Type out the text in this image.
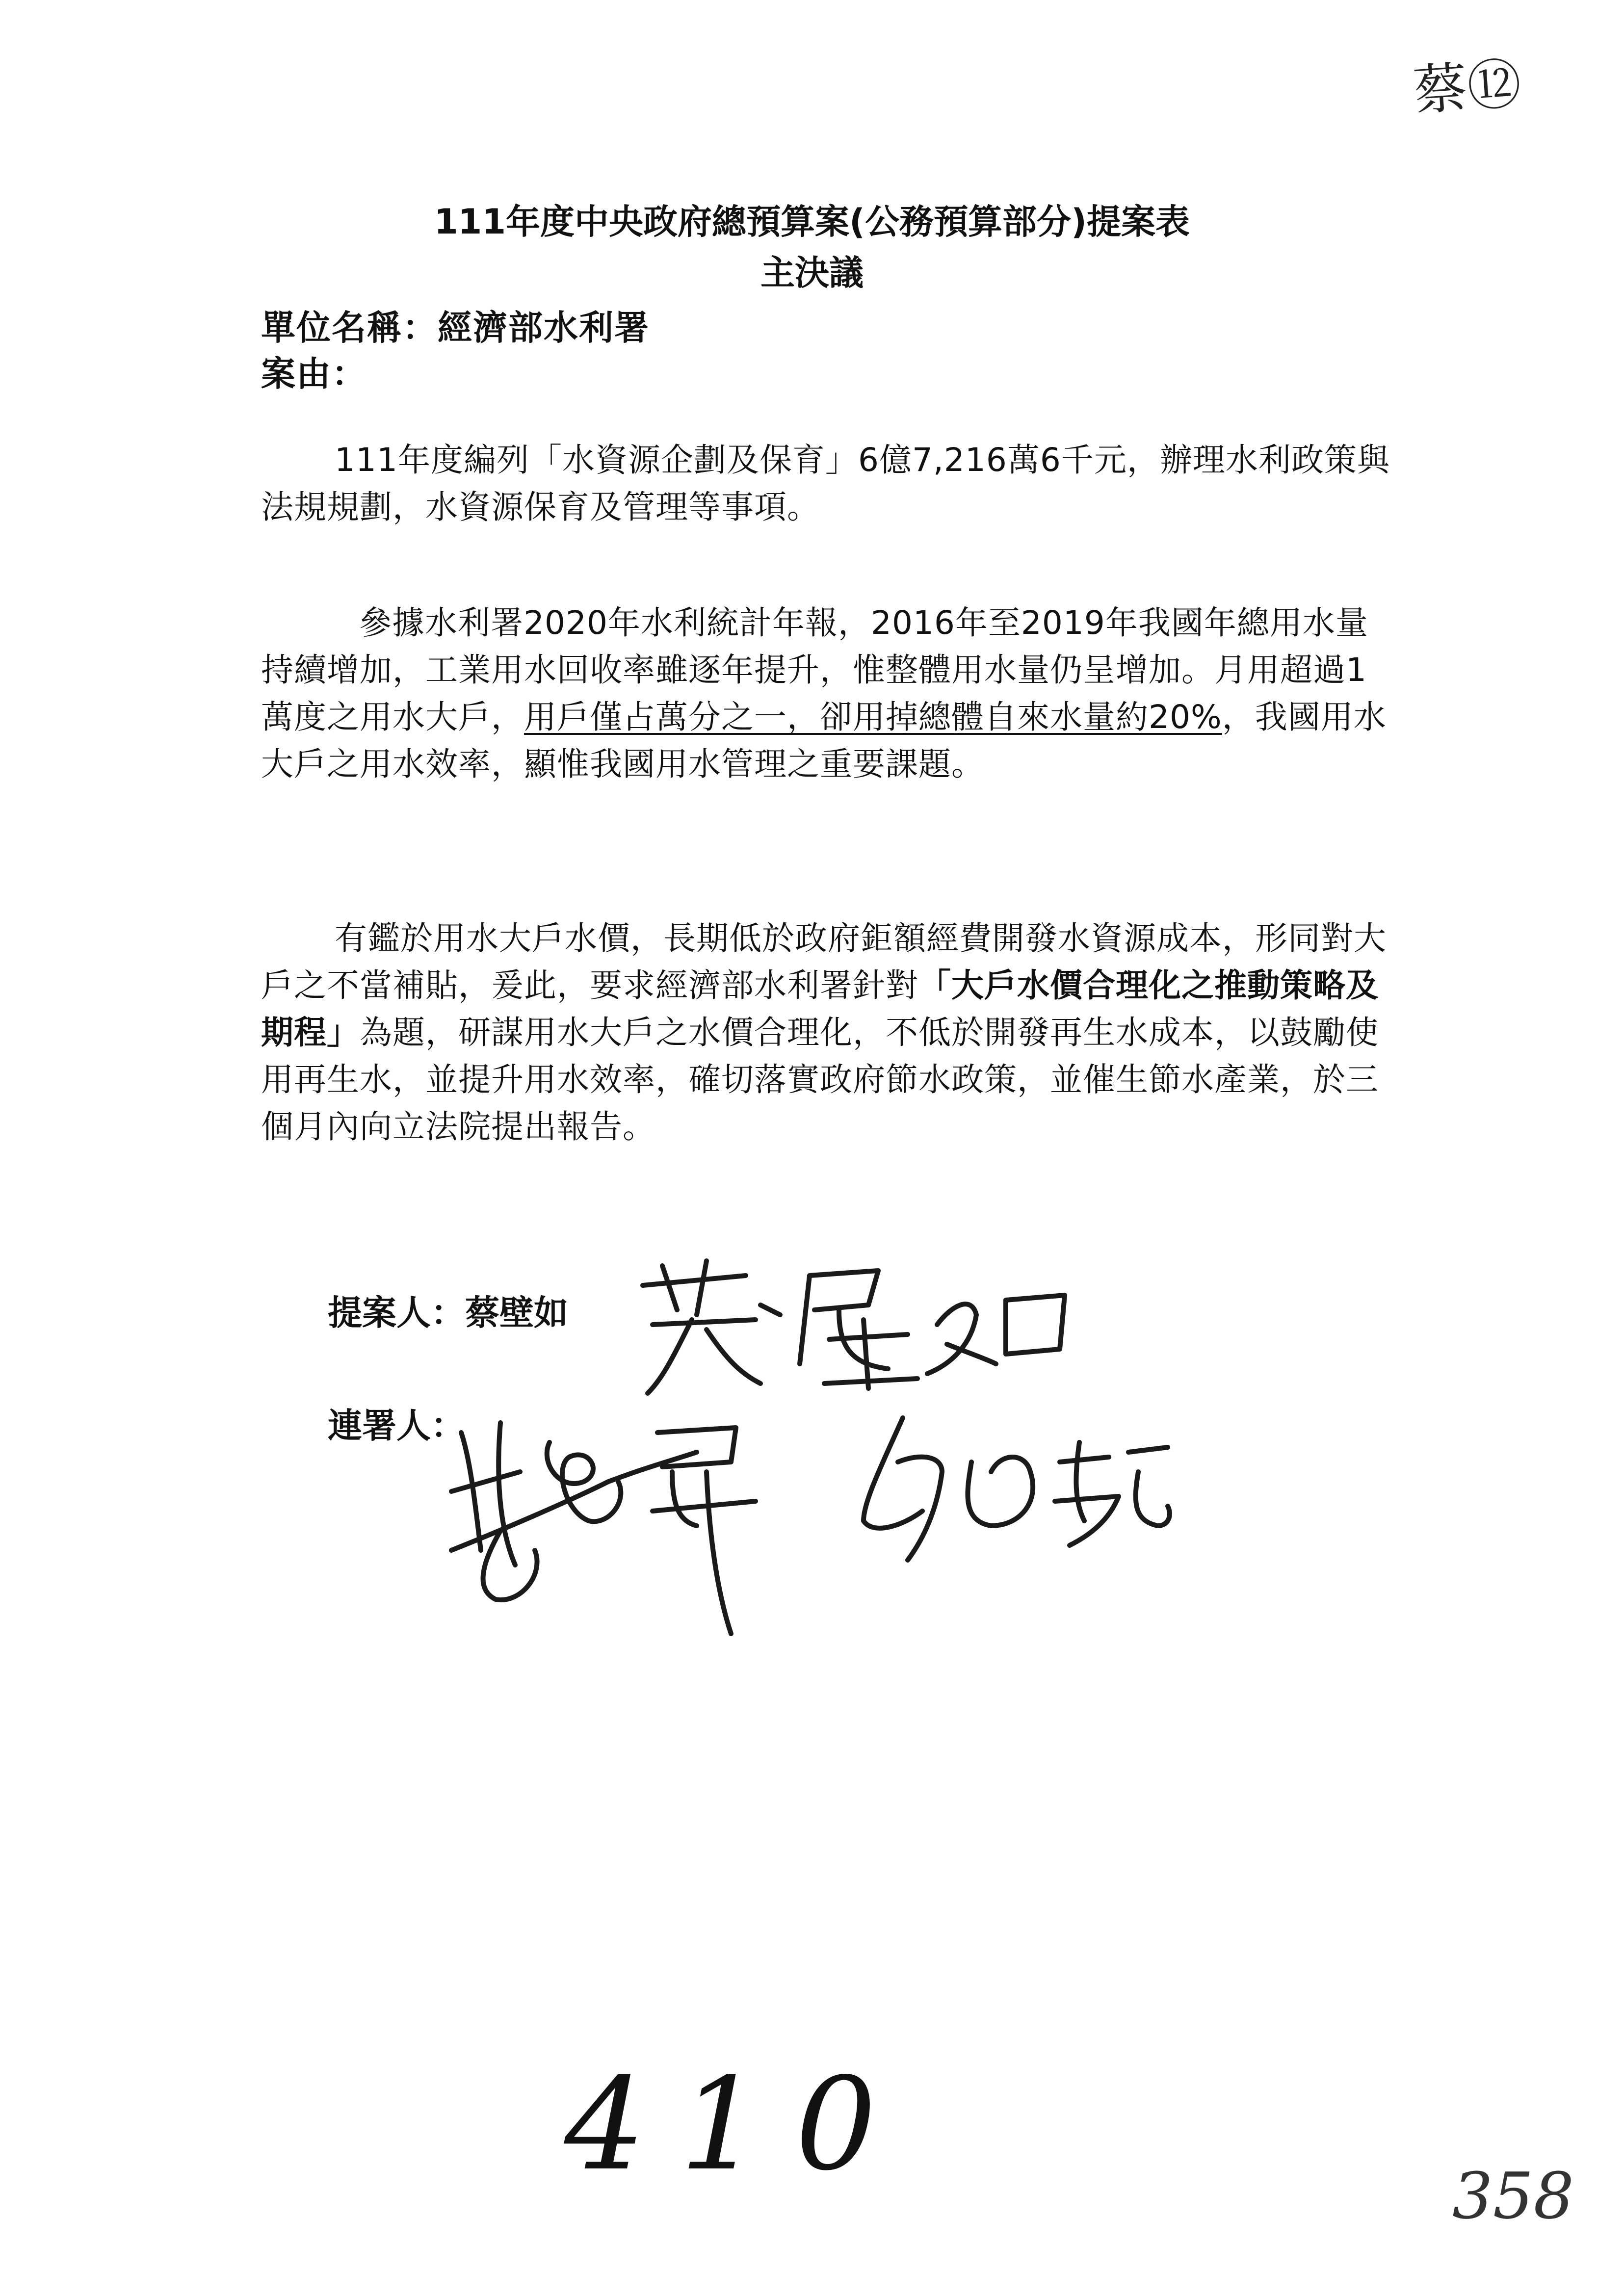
蔡⑫
111年度中央政府總預算案(公務預算部分)提案表
主決議
單位名稱：經濟部水利署
案由：

111年度編列「水資源企劃及保育」6億7,216萬6千元，辦理水利政策與法規規劃，水資源保育及管理等事項。

參據水利署2020年水利統計年報，2016年至2019年我國年總用水量持續增加，工業用水回收率雖逐年提升，惟整體用水量仍呈增加。月用超過1萬度之用水大戶，用戶僅占萬分之一，卻用掉總體自來水量約20%，我國用水大戶之用水效率，顯惟我國用水管理之重要課題。

有鑑於用水大戶水價，長期低於政府鉅額經費開發水資源成本，形同對大戶之不當補貼，爰此，要求經濟部水利署針對「大戶水價合理化之推動策略及期程」為題，研謀用水大戶之水價合理化，不低於開發再生水成本，以鼓勵使用再生水，並提升用水效率，確切落實政府節水政策，並催生節水產業，於三個月內向立法院提出報告。

提案人：蔡壁如
連署人：
410	358
